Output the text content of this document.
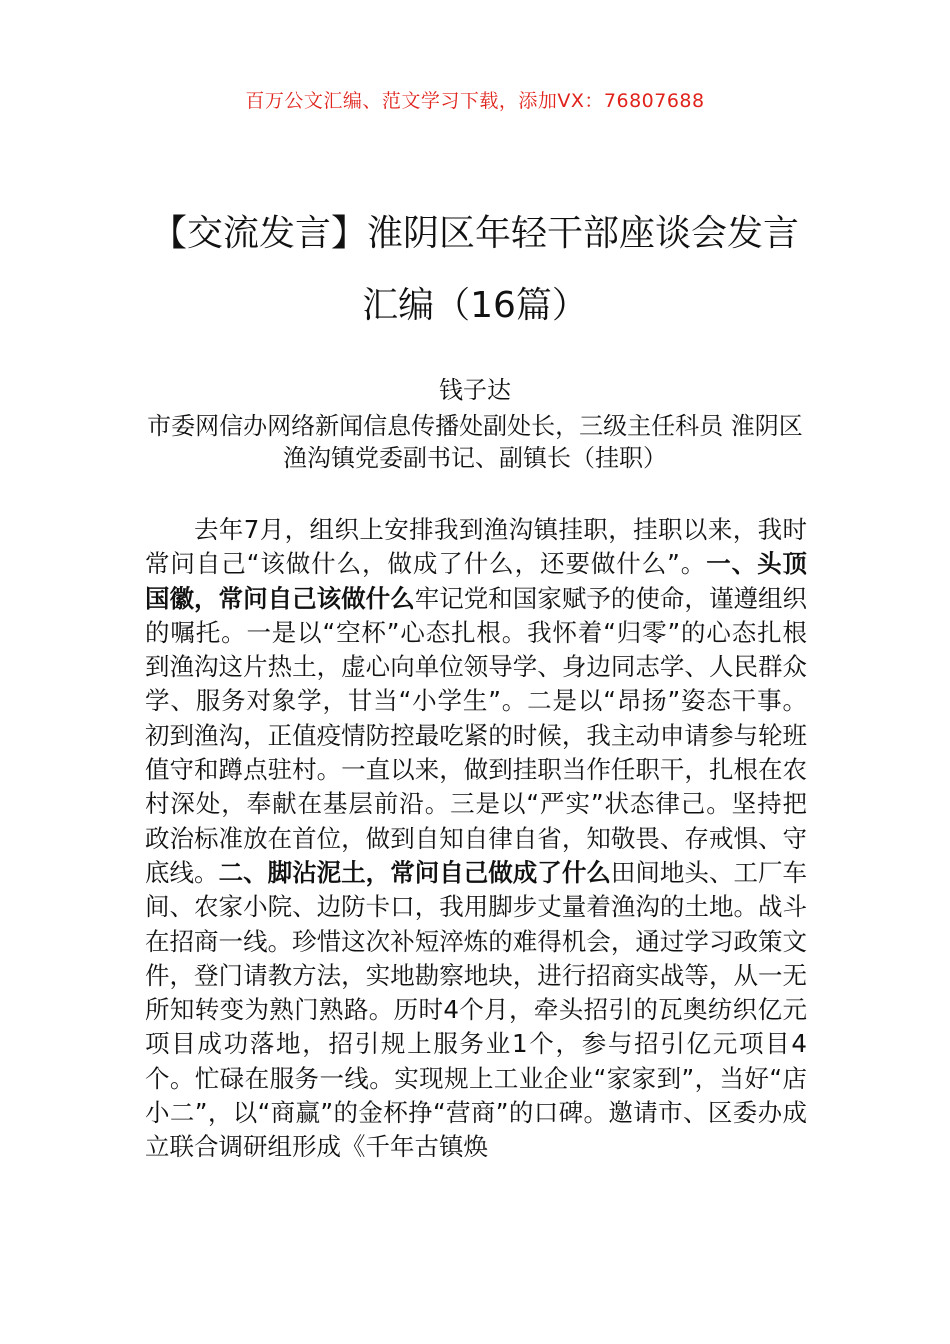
百万公文汇编、范文学习下载，添加VX：76807688
【交流发言】淮阴区年轻干部座谈会发言
汇编（16篇）
钱子达
市委网信办网络新闻信息传播处副处长，三级主任科员 淮阴区渔沟镇党委副书记、副镇长（挂职）

去年7月，组织上安排我到渔沟镇挂职，挂职以来，我时常问自己“该做什么，做成了什么，还要做什么”。一、头顶国徽，常问自己该做什么牢记党和国家赋予的使命，谨遵组织的嘱托。一是以“空杯”心态扎根。我怀着“归零”的心态扎根到渔沟这片热土，虚心向单位领导学、身边同志学、人民群众学、服务对象学，甘当“小学生”。二是以“昂扬”姿态干事。初到渔沟，正值疫情防控最吃紧的时候，我主动申请参与轮班值守和蹲点驻村。一直以来，做到挂职当作任职干，扎根在农村深处，奉献在基层前沿。三是以“严实”状态律己。坚持把政治标准放在首位，做到自知自律自省，知敬畏、存戒惧、守底线。二、脚沾泥土，常问自己做成了什么田间地头、工厂车间、农家小院、边防卡口，我用脚步丈量着渔沟的土地。战斗在招商一线。珍惜这次补短淬炼的难得机会，通过学习政策文件，登门请教方法，实地勘察地块，进行招商实战等，从一无所知转变为熟门熟路。历时4个月，牵头招引的瓦奥纺织亿元项目成功落地，招引规上服务业1个，参与招引亿元项目4个。忙碌在服务一线。实现规上工业企业“家家到”，当好“店小二”，以“商赢”的金杯挣“营商”的口碑。邀请市、区委办成立联合调研组形成《千年古镇焕
